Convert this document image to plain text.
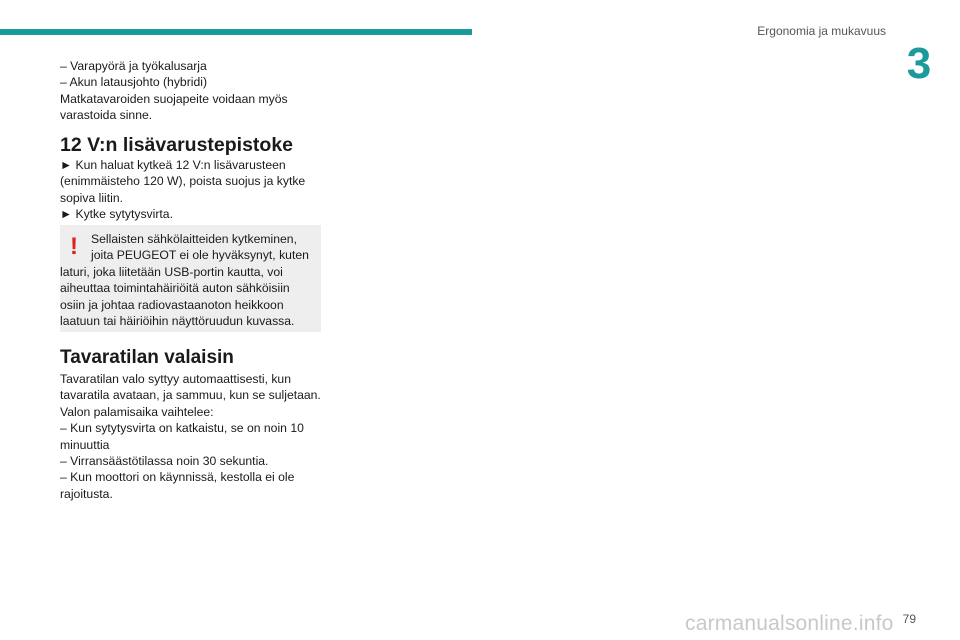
Ergonomia ja mukavuus
3

– Varapyörä ja työkalusarja

– Akun latausjohto (hybridi)

Matkatavaroiden suojapeite voidaan myös

varastoida sinne.

12 V:n lisävarustepistoke

► Kun haluat kytkeä 12 V:n lisävarusteen

(enimmäisteho 120 W), poista suojus ja kytke

sopiva liitin.

► Kytke sytytysvirta.

!	Sellaisten sähkölaitteiden kytkeminen,

joita PEUGEOT ei ole hyväksynyt, kuten

laturi, joka liitetään USB-portin kautta, voi

aiheuttaa toimintahäiriöitä auton sähköisiin

osiin ja johtaa radiovastaanoton heikkoon

laatuun tai häiriöihin näyttöruudun kuvassa.

Tavaratilan valaisin

Tavaratilan valo syttyy automaattisesti, kun

tavaratila avataan, ja sammuu, kun se suljetaan.

Valon palamisaika vaihtelee:

– Kun sytytysvirta on katkaistu, se on noin 10

minuuttia

– Virransäästötilassa noin 30 sekuntia.

– Kun moottori on käynnissä, kestolla ei ole

rajoitusta.

carmanualsonline.info 79
